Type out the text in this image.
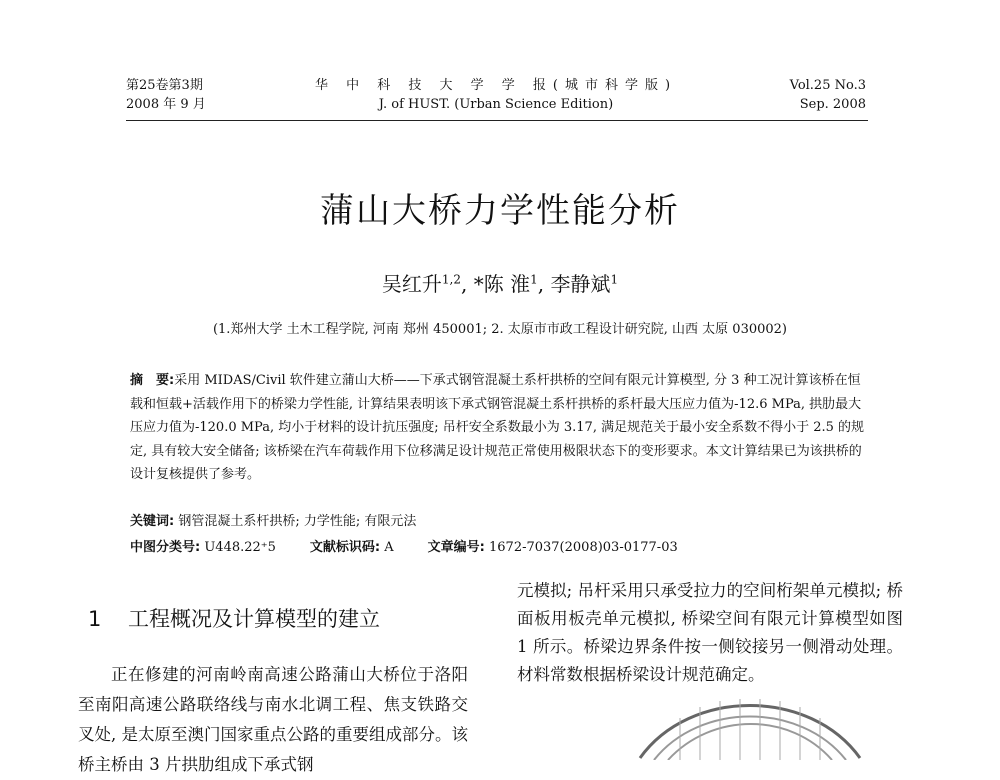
第25卷第3期
2008 年 9 月
华 中 科 技 大 学 学 报(城市科学版)
J. of HUST. (Urban Science Edition)
Vol.25 No.3
Sep. 2008
蒲山大桥力学性能分析
吴红升$^{1,2}$, *陈 淮$^1$, 李静斌$^1$
(1.郑州大学 土木工程学院, 河南 郑州 450001; 2. 太原市市政工程设计研究院, 山西 太原 030002)
摘　要:采用 MIDAS/Civil 软件建立蒲山大桥——下承式钢管混凝土系杆拱桥的空间有限元计算模型, 分 3 种工况计算该桥在恒载和恒载+活载作用下的桥梁力学性能, 计算结果表明该下承式钢管混凝土系杆拱桥的系杆最大压应力值为-12.6 MPa, 拱肋最大压应力值为-120.0 MPa, 均小于材料的设计抗压强度; 吊杆安全系数最小为 3.17, 满足规范关于最小安全系数不得小于 2.5 的规定, 具有较大安全储备; 该桥梁在汽车荷载作用下位移满足设计规范正常使用极限状态下的变形要求。本文计算结果已为该拱桥的设计复核提供了参考。
关键词: 钢管混凝土系杆拱桥; 力学性能; 有限元法
中图分类号: U448.22⁺5	文献标识码: A	文章编号: 1672-7037(2008)03-0177-03
1 工程概况及计算模型的建立

正在修建的河南岭南高速公路蒲山大桥位于洛阳至南阳高速公路联络线与南水北调工程、焦支铁路交叉处, 是太原至澳门国家重点公路的重要组成部分。该桥主桥由 3 片拱肋组成下承式钢

元模拟; 吊杆采用只承受拉力的空间桁架单元模拟; 桥面板用板壳单元模拟, 桥梁空间有限元计算模型如图 1 所示。桥梁边界条件按一侧铰接另一侧滑动处理。材料常数根据桥梁设计规范确定。
